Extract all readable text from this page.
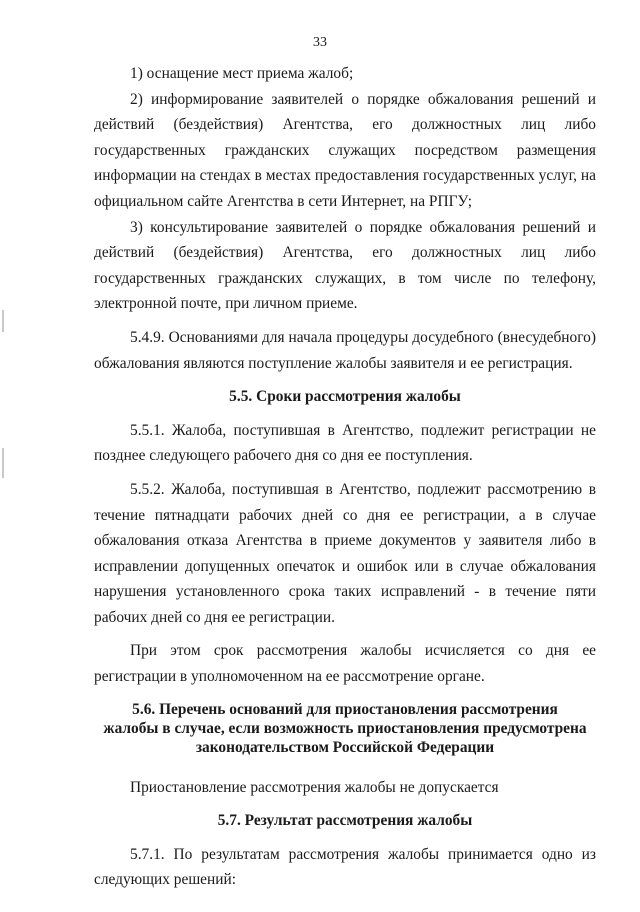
33

1) оснащение мест приема жалоб;

2) информирование заявителей о порядке обжалования решений и действий (бездействия) Агентства, его должностных лиц либо государственных гражданских служащих посредством размещения информации на стендах в местах предоставления государственных услуг, на официальном сайте Агентства в сети Интернет, на РПГУ;

3) консультирование заявителей о порядке обжалования решений и действий (бездействия) Агентства, его должностных лиц либо государственных гражданских служащих, в том числе по телефону, электронной почте, при личном приеме.

5.4.9. Основаниями для начала процедуры досудебного (внесудебного) обжалования являются поступление жалобы заявителя и ее регистрация.

5.5. Сроки рассмотрения жалобы

5.5.1. Жалоба, поступившая в Агентство, подлежит регистрации не позднее следующего рабочего дня со дня ее поступления.

5.5.2. Жалоба, поступившая в Агентство, подлежит рассмотрению в течение пятнадцати рабочих дней со дня ее регистрации, а в случае обжалования отказа Агентства в приеме документов у заявителя либо в исправлении допущенных опечаток и ошибок или в случае обжалования нарушения установленного срока таких исправлений - в течение пяти рабочих дней со дня ее регистрации.

При этом срок рассмотрения жалобы исчисляется со дня ее регистрации в уполномоченном на ее рассмотрение органе.

5.6. Перечень оснований для приостановления рассмотрения
жалобы в случае, если возможность приостановления предусмотрена
законодательством Российской Федерации

Приостановление рассмотрения жалобы не допускается

5.7. Результат рассмотрения жалобы

5.7.1. По результатам рассмотрения жалобы принимается одно из следующих решений:
